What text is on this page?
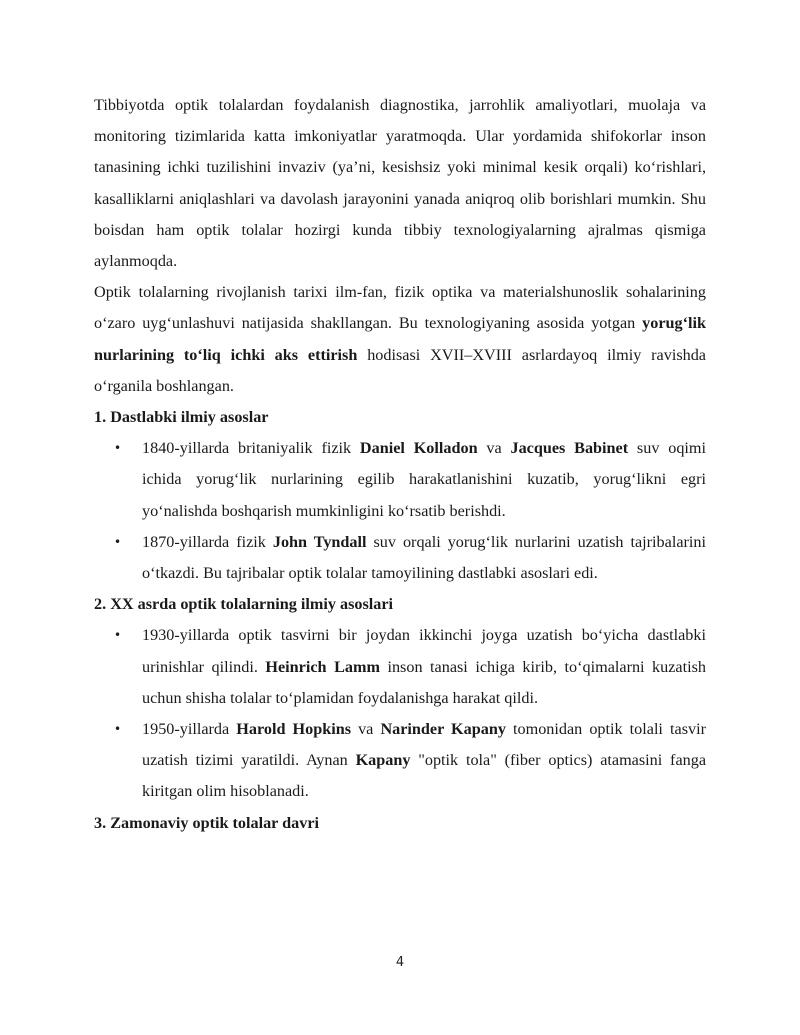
Tibbiyotda optik tolalardan foydalanish diagnostika, jarrohlik amaliyotlari, muolaja va monitoring tizimlarida katta imkoniyatlar yaratmoqda. Ular yordamida shifokorlar inson tanasining ichki tuzilishini invaziv (ya’ni, kesishsiz yoki minimal kesik orqali) ko‘rishlari, kasalliklarni aniqlashlari va davolash jarayonini yanada aniqroq olib borishlari mumkin. Shu boisdan ham optik tolalar hozirgi kunda tibbiy texnologiyalarning ajralmas qismiga aylanmoqda.

Optik tolalarning rivojlanish tarixi ilm-fan, fizik optika va materialshunoslik sohalarining o‘zaro uyg‘unlashuvi natijasida shakllangan. Bu texnologiyaning asosida yotgan yorug‘lik nurlarining to‘liq ichki aks ettirish hodisasi XVII–XVIII asrlardayoq ilmiy ravishda o‘rganila boshlangan.

1. Dastlabki ilmiy asoslar

• 1840-yillarda britaniyalik fizik Daniel Kolladon va Jacques Babinet suv oqimi ichida yorug‘lik nurlarining egilib harakatlanishini kuzatib, yorug‘likni egri yo‘nalishda boshqarish mumkinligini ko‘rsatib berishdi.
• 1870-yillarda fizik John Tyndall suv orqali yorug‘lik nurlarini uzatish tajribalarini o‘tkazdi. Bu tajribalar optik tolalar tamoyilining dastlabki asoslari edi.

2. XX asrda optik tolalarning ilmiy asoslari

• 1930-yillarda optik tasvirni bir joydan ikkinchi joyga uzatish bo‘yicha dastlabki urinishlar qilindi. Heinrich Lamm inson tanasi ichiga kirib, to‘qimalarni kuzatish uchun shisha tolalar to‘plamidan foydalanishga harakat qildi.
• 1950-yillarda Harold Hopkins va Narinder Kapany tomonidan optik tolali tasvir uzatish tizimi yaratildi. Aynan Kapany "optik tola" (fiber optics) atamasini fanga kiritgan olim hisoblanadi.

3. Zamonaviy optik tolalar davri

4
